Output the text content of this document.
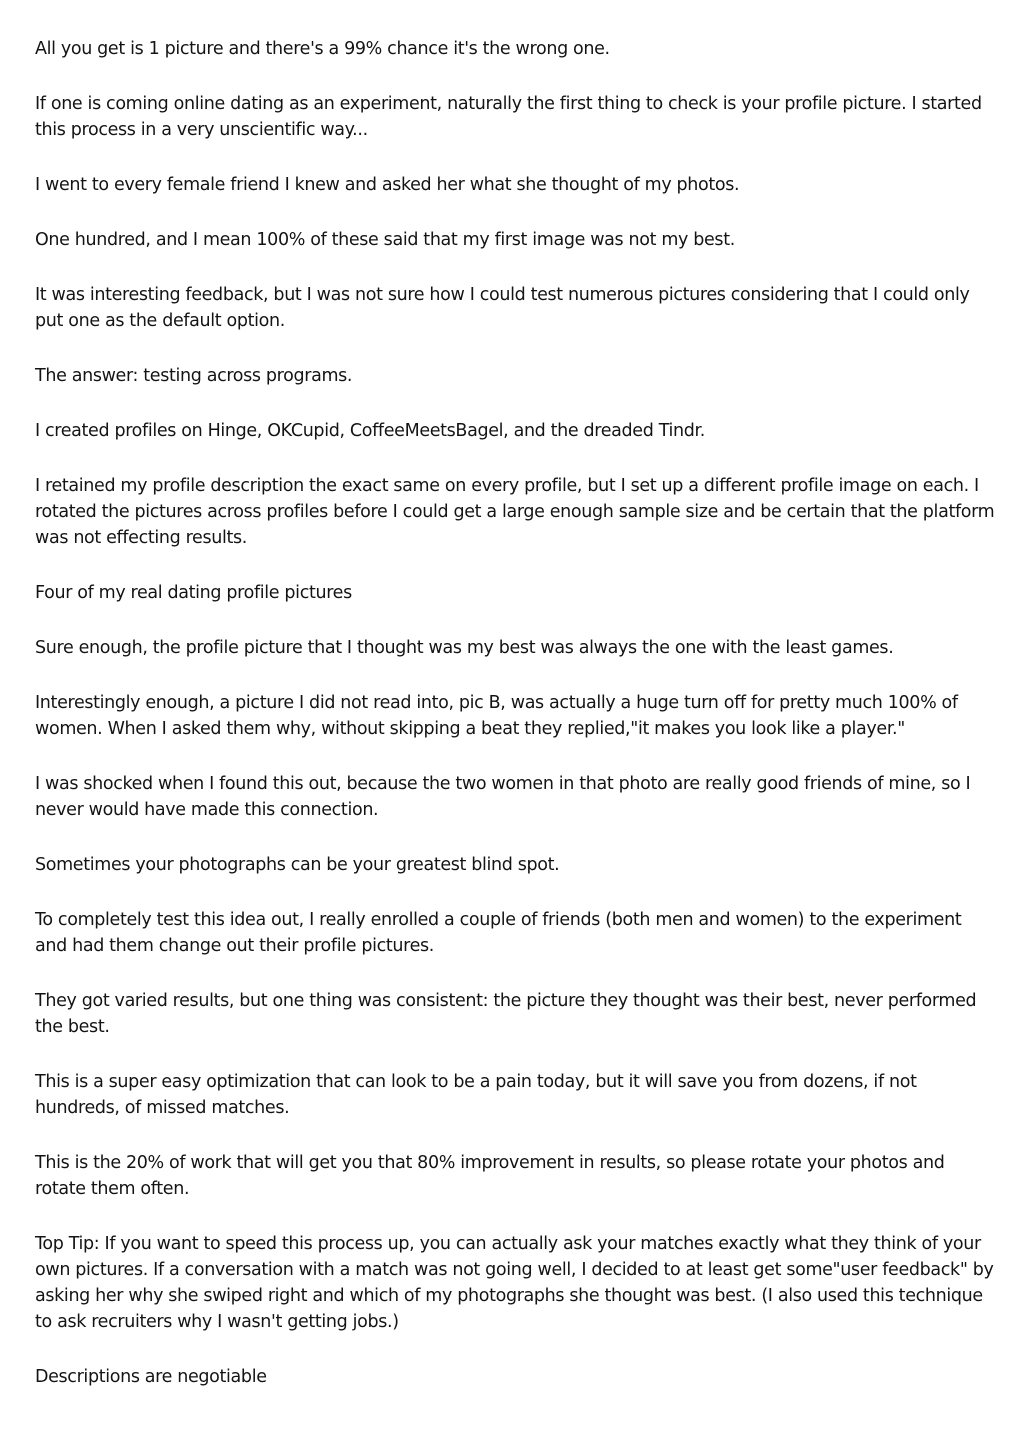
All you get is 1 picture and there's a 99% chance it's the wrong one.

If one is coming online dating as an experiment, naturally the first thing to check is your profile picture. I started this process in a very unscientific way...

I went to every female friend I knew and asked her what she thought of my photos.

One hundred, and I mean 100% of these said that my first image was not my best.

It was interesting feedback, but I was not sure how I could test numerous pictures considering that I could only put one as the default option.

The answer: testing across programs.

I created profiles on Hinge, OKCupid, CoffeeMeetsBagel, and the dreaded Tindr.

I retained my profile description the exact same on every profile, but I set up a different profile image on each. I rotated the pictures across profiles before I could get a large enough sample size and be certain that the platform was not effecting results.

Four of my real dating profile pictures

Sure enough, the profile picture that I thought was my best was always the one with the least games.

Interestingly enough, a picture I did not read into, pic B, was actually a huge turn off for pretty much 100% of women. When I asked them why, without skipping a beat they replied,"it makes you look like a player."

I was shocked when I found this out, because the two women in that photo are really good friends of mine, so I never would have made this connection.

Sometimes your photographs can be your greatest blind spot.

To completely test this idea out, I really enrolled a couple of friends (both men and women) to the experiment and had them change out their profile pictures.

They got varied results, but one thing was consistent: the picture they thought was their best, never performed the best.

This is a super easy optimization that can look to be a pain today, but it will save you from dozens, if not hundreds, of missed matches.

This is the 20% of work that will get you that 80% improvement in results, so please rotate your photos and rotate them often.

Top Tip: If you want to speed this process up, you can actually ask your matches exactly what they think of your own pictures. If a conversation with a match was not going well, I decided to at least get some"user feedback" by asking her why she swiped right and which of my photographs she thought was best. (I also used this technique to ask recruiters why I wasn't getting jobs.)

Descriptions are negotiable
